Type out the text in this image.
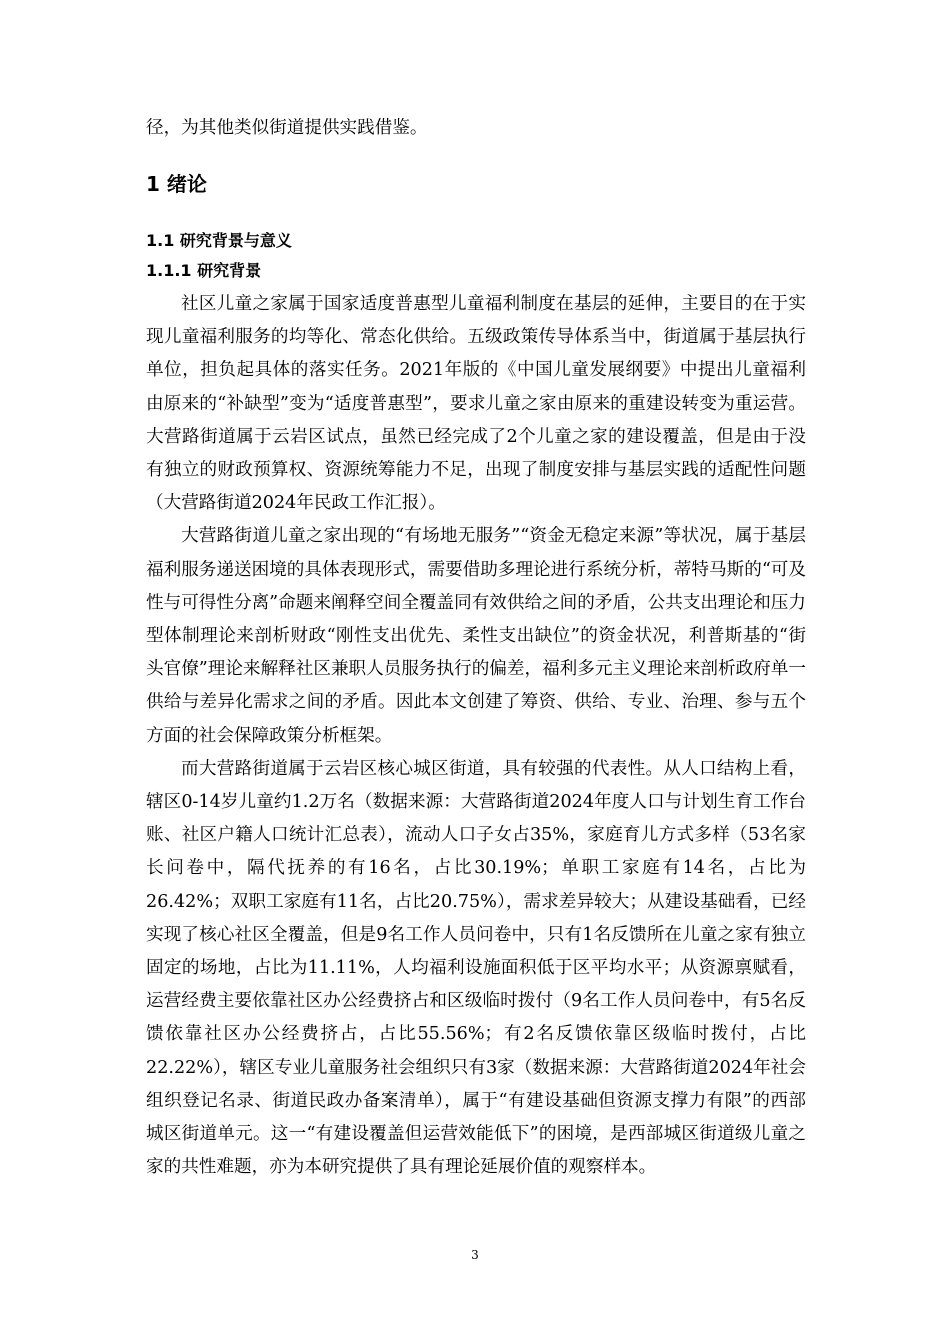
径，为其他类似街道提供实践借鉴。

1 绪论
1.1 研究背景与意义
1.1.1 研究背景

社区儿童之家属于国家适度普惠型儿童福利制度在基层的延伸，主要目的在于实现儿童福利服务的均等化、常态化供给。五级政策传导体系当中，街道属于基层执行单位，担负起具体的落实任务。2021年版的《中国儿童发展纲要》中提出儿童福利由原来的“补缺型”变为“适度普惠型”，要求儿童之家由原来的重建设转变为重运营。大营路街道属于云岩区试点，虽然已经完成了2个儿童之家的建设覆盖，但是由于没有独立的财政预算权、资源统筹能力不足，出现了制度安排与基层实践的适配性问题（大营路街道2024年民政工作汇报）。

大营路街道儿童之家出现的“有场地无服务”“资金无稳定来源”等状况，属于基层福利服务递送困境的具体表现形式，需要借助多理论进行系统分析，蒂特马斯的“可及性与可得性分离”命题来阐释空间全覆盖同有效供给之间的矛盾，公共支出理论和压力型体制理论来剖析财政“刚性支出优先、柔性支出缺位”的资金状况，利普斯基的“街头官僚”理论来解释社区兼职人员服务执行的偏差，福利多元主义理论来剖析政府单一供给与差异化需求之间的矛盾。因此本文创建了筹资、供给、专业、治理、参与五个方面的社会保障政策分析框架。

而大营路街道属于云岩区核心城区街道，具有较强的代表性。从人口结构上看，辖区0-14岁儿童约1.2万名（数据来源：大营路街道2024年度人口与计划生育工作台账、社区户籍人口统计汇总表），流动人口子女占35%，家庭育儿方式多样（53名家长问卷中，隔代抚养的有16名，占比30.19%；单职工家庭有14名，占比为26.42%；双职工家庭有11名，占比20.75%），需求差异较大；从建设基础看，已经实现了核心社区全覆盖，但是9名工作人员问卷中，只有1名反馈所在儿童之家有独立固定的场地，占比为11.11%，人均福利设施面积低于区平均水平；从资源禀赋看，运营经费主要依靠社区办公经费挤占和区级临时拨付（9名工作人员问卷中，有5名反馈依靠社区办公经费挤占，占比55.56%；有2名反馈依靠区级临时拨付，占比22.22%），辖区专业儿童服务社会组织只有3家（数据来源：大营路街道2024年社会组织登记名录、街道民政办备案清单），属于“有建设基础但资源支撑力有限”的西部城区街道单元。这一“有建设覆盖但运营效能低下”的困境，是西部城区街道级儿童之家的共性难题，亦为本研究提供了具有理论延展价值的观察样本。

3
